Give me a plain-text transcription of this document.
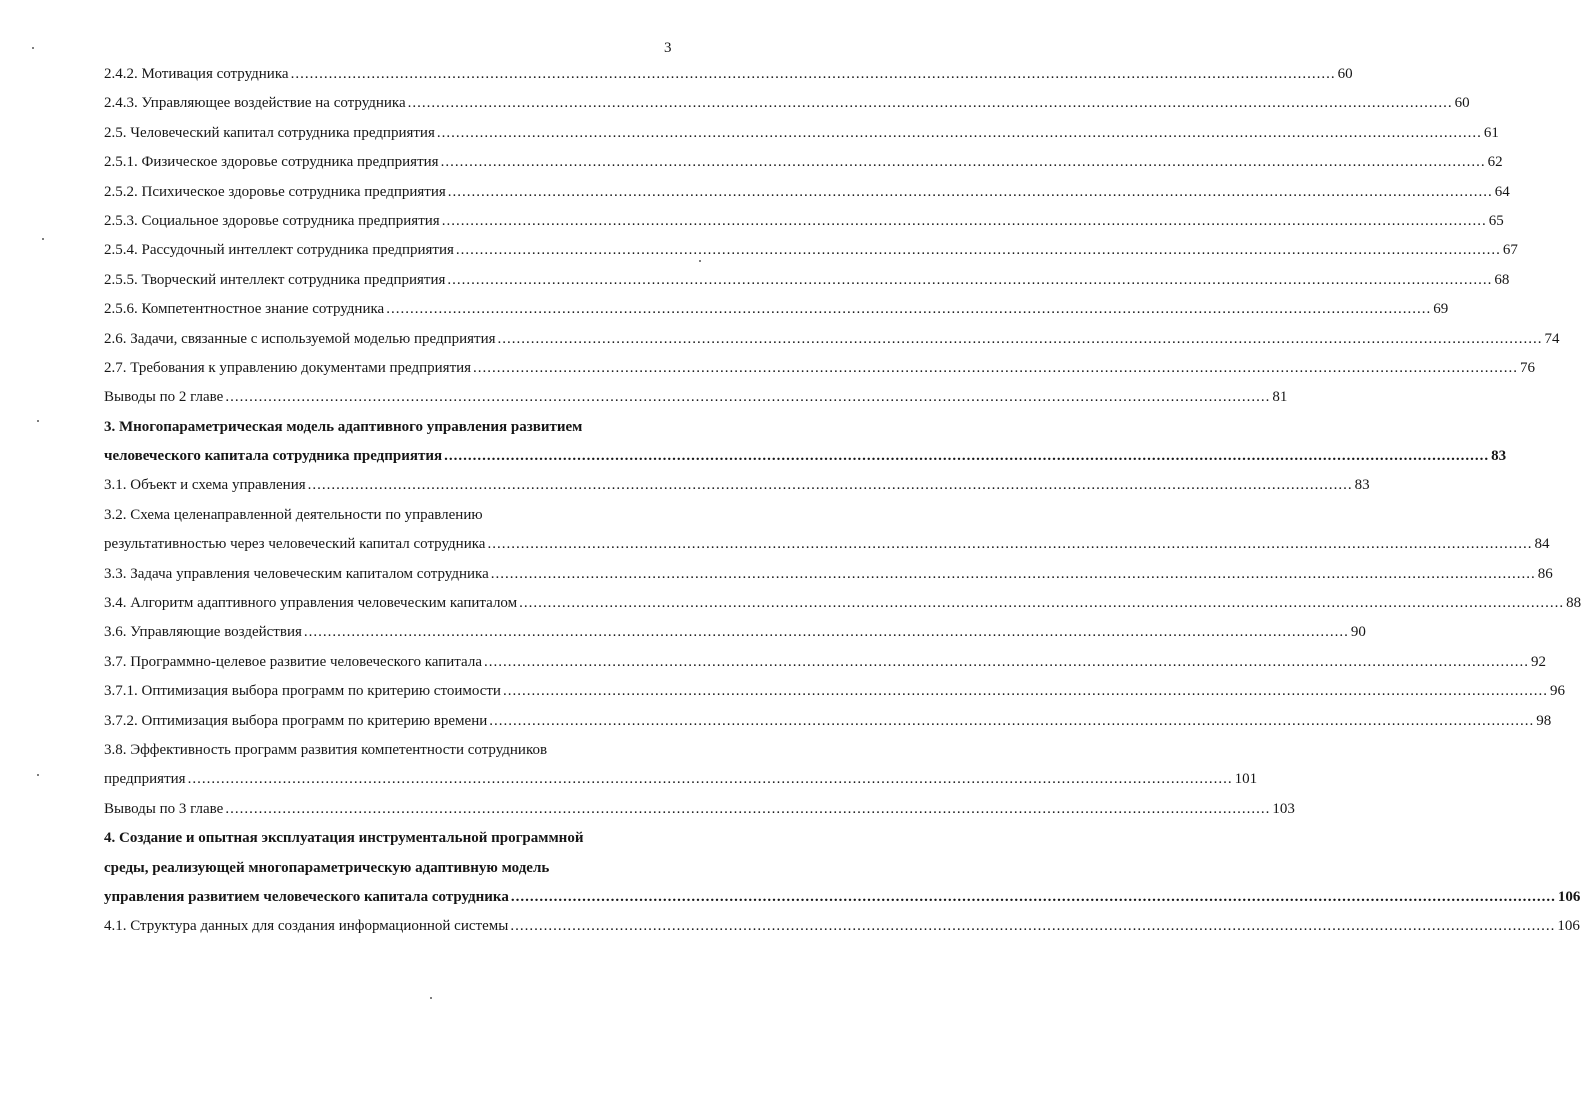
3
2.4.2. Мотивация сотрудника ............................................................................................................................................................................................................................ 60
2.4.3. Управляющее воздействие на сотрудника ............................................................................................................................................................................................................................ 60
2.5. Человеческий капитал сотрудника предприятия ............................................................................................................................................................................................................................ 61
2.5.1. Физическое здоровье сотрудника предприятия ............................................................................................................................................................................................................................ 62
2.5.2. Психическое здоровье сотрудника предприятия ............................................................................................................................................................................................................................ 64
2.5.3. Социальное здоровье сотрудника предприятия ............................................................................................................................................................................................................................ 65
2.5.4. Рассудочный интеллект сотрудника предприятия ............................................................................................................................................................................................................................ 67
2.5.5. Творческий интеллект сотрудника предприятия ............................................................................................................................................................................................................................ 68
2.5.6. Компетентностное знание сотрудника ............................................................................................................................................................................................................................ 69
2.6. Задачи, связанные с используемой моделью предприятия ............................................................................................................................................................................................................................ 74
2.7. Требования к управлению документами предприятия ............................................................................................................................................................................................................................ 76
Выводы по 2 главе ............................................................................................................................................................................................................................ 81
3. Многопараметрическая модель адаптивного управления развитием
человеческого капитала сотрудника предприятия ............................................................................................................................................................................................................................ 83
3.1. Объект и схема управления ............................................................................................................................................................................................................................ 83
3.2. Схема целенаправленной деятельности по управлению
результативностью через человеческий капитал сотрудника ............................................................................................................................................................................................................................ 84
3.3. Задача управления человеческим капиталом сотрудника ............................................................................................................................................................................................................................ 86
3.4. Алгоритм адаптивного управления человеческим капиталом ............................................................................................................................................................................................................................ 88
3.6. Управляющие воздействия ............................................................................................................................................................................................................................ 90
3.7. Программно-целевое развитие человеческого капитала ............................................................................................................................................................................................................................ 92
3.7.1. Оптимизация выбора программ по критерию стоимости ............................................................................................................................................................................................................................ 96
3.7.2. Оптимизация выбора программ по критерию времени ............................................................................................................................................................................................................................ 98
3.8. Эффективность программ развития компетентности сотрудников
предприятия ............................................................................................................................................................................................................................ 101
Выводы по 3 главе ............................................................................................................................................................................................................................ 103
4. Создание и опытная эксплуатация инструментальной программной
среды, реализующей многопараметрическую адаптивную модель
управления развитием человеческого капитала сотрудника ............................................................................................................................................................................................................................ 106
4.1. Структура данных для создания информационной системы ............................................................................................................................................................................................................................ 106
